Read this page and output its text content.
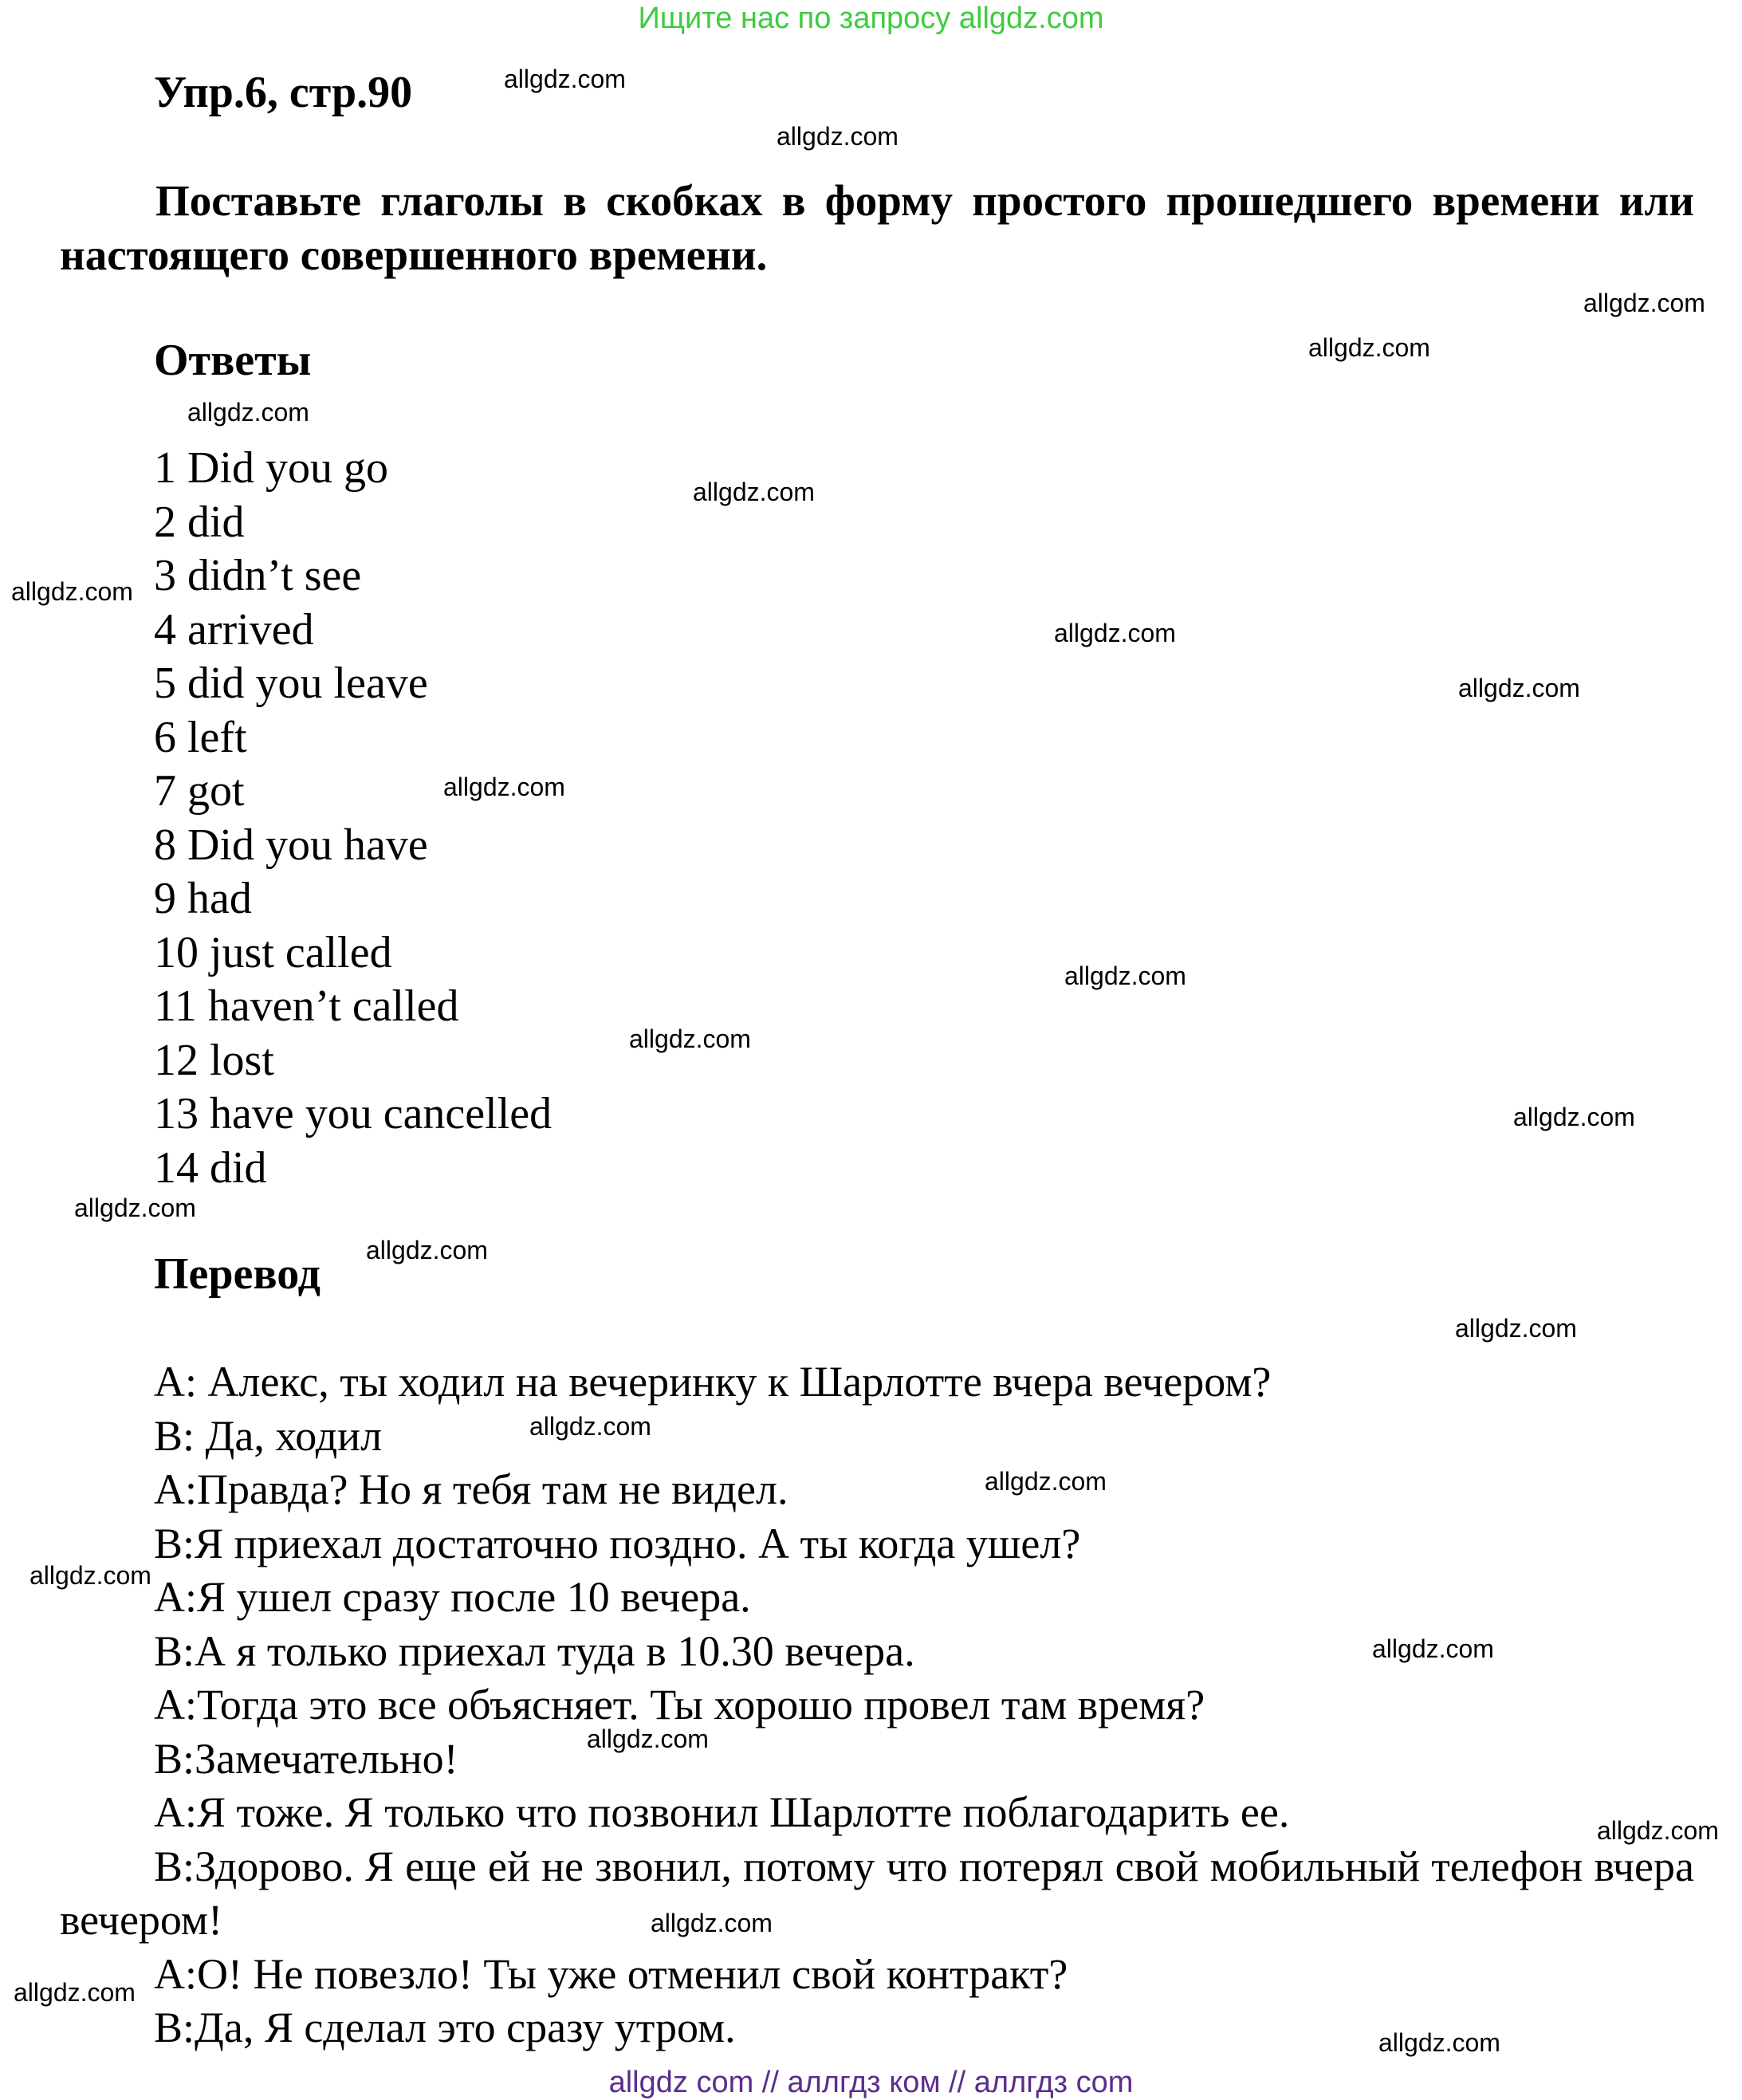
Ищите нас по запросу allgdz.com
Упр.6, стр.90
Поставьте глаголы в скобках в форму простого прошедшего времени или настоящего совершенного времени.
Ответы
1 Did you go
2 did
3 didn’t see
4 arrived
5 did you leave
6 left
7 got
8 Did you have
9 had
10 just called
11 haven’t called
12 lost
13 have you cancelled
14 did
Перевод
A: Алекс, ты ходил на вечеринку к Шарлотте вчера вечером?
B: Да, ходил
A:Правда? Но я тебя там не видел.
B:Я приехал достаточно поздно. А ты когда ушел?
A:Я ушел сразу после 10 вечера.
B:А я только приехал туда в 10.30 вечера.
A:Тогда это все объясняет. Ты хорошо провел там время?
B:Замечательно!
A:Я тоже. Я только что позвонил Шарлотте поблагодарить ее.
B:Здорово. Я еще ей не звонил, потому что потерял свой мобильный телефон вчера вечером!
A:О! Не повезло! Ты уже отменил свой контракт?
B:Да, Я сделал это сразу утром.
allgdz.com
allgdz.com
allgdz.com
allgdz.com
allgdz.com
allgdz.com
allgdz.com
allgdz.com
allgdz.com
allgdz.com
allgdz.com
allgdz.com
allgdz.com
allgdz.com
allgdz.com
allgdz.com
allgdz.com
allgdz.com
allgdz.com
allgdz.com
allgdz.com
allgdz.com
allgdz.com
allgdz.com
allgdz.com
allgdz com // аллгдз ком // аллгдз com
